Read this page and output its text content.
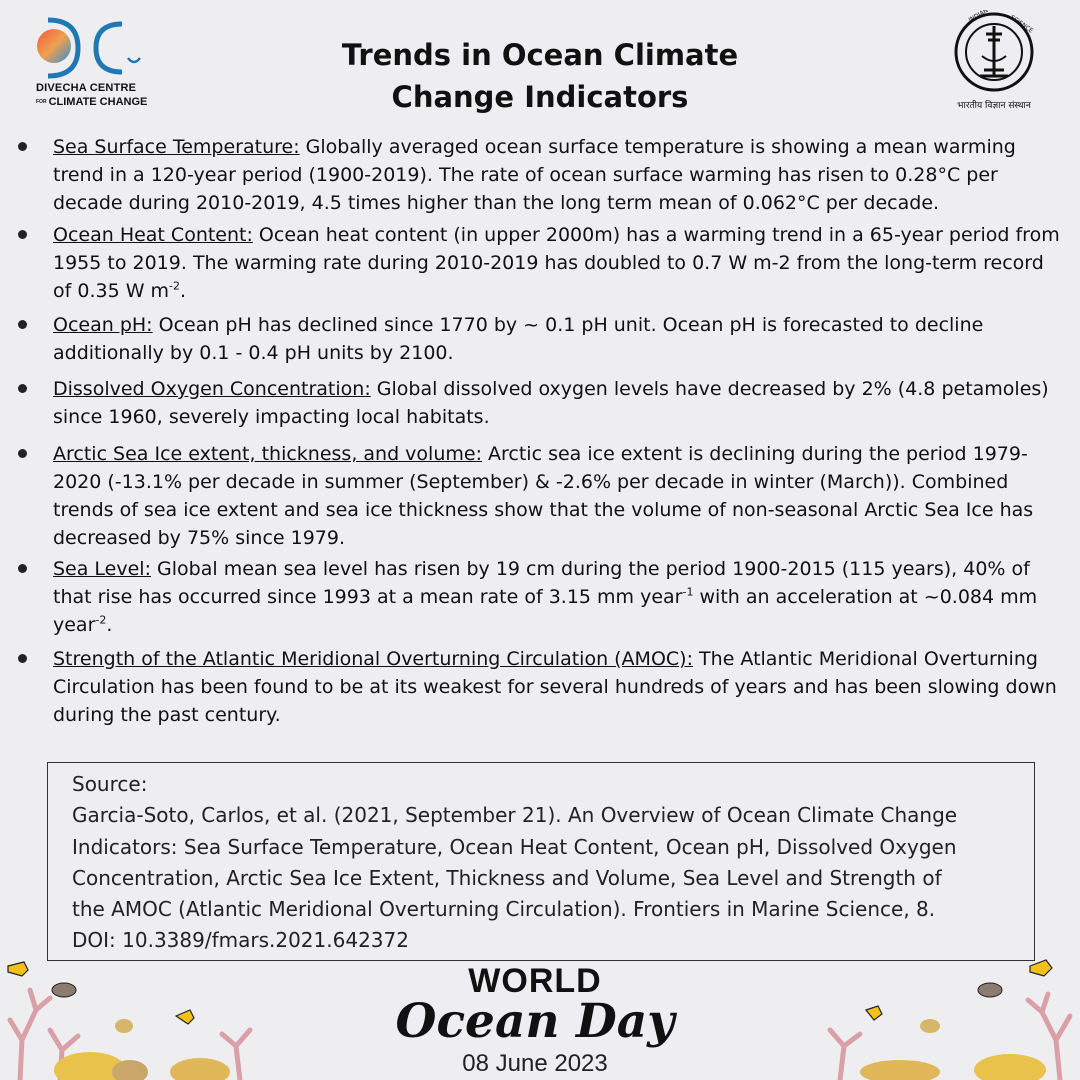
DIVECHA CENTRE
FOR CLIMATE CHANGE
Trends in Ocean Climate
Change Indicators
INDIAN	SCIENCE
भारतीय विज्ञान संस्थान
Sea Surface Temperature: Globally averaged ocean surface temperature is showing a mean warming trend in a 120-year period (1900-2019). The rate of ocean surface warming has risen to 0.28°C per decade during 2010-2019, 4.5 times higher than the long term mean of 0.062°C per decade.
Ocean Heat Content: Ocean heat content (in upper 2000m) has a warming trend in a 65-year period from 1955 to 2019. The warming rate during 2010-2019 has doubled to 0.7 W m-2 from the long-term record of 0.35 W $m^{-2}$.
Ocean pH: Ocean pH has declined since 1770 by ~ 0.1 pH unit. Ocean pH is forecasted to decline additionally by 0.1 - 0.4 pH units by 2100.
Dissolved Oxygen Concentration: Global dissolved oxygen levels have decreased by 2% (4.8 petamoles) since 1960, severely impacting local habitats.
Arctic Sea Ice extent, thickness, and volume: Arctic sea ice extent is declining during the period 1979-2020 (-13.1% per decade in summer (September) & -2.6% per decade in winter (March)). Combined trends of sea ice extent and sea ice thickness show that the volume of non-seasonal Arctic Sea Ice has decreased by 75% since 1979.
Sea Level: Global mean sea level has risen by 19 cm during the period 1900-2015 (115 years), 40% of that rise has occurred since 1993 at a mean rate of 3.15 mm year$^{-1}$ with an acceleration at ~0.084 mm year$^{-2}$.
Strength of the Atlantic Meridional Overturning Circulation (AMOC): The Atlantic Meridional Overturning Circulation has been found to be at its weakest for several hundreds of years and has been slowing down during the past century.
Source:
Garcia-Soto, Carlos, et al. (2021, September 21). An Overview of Ocean Climate Change Indicators: Sea Surface Temperature, Ocean Heat Content, Ocean pH, Dissolved Oxygen Concentration, Arctic Sea Ice Extent, Thickness and Volume, Sea Level and Strength of the AMOC (Atlantic Meridional Overturning Circulation). Frontiers in Marine Science, 8. DOI: 10.3389/fmars.2021.642372
WORLD
Ocean Day
08 June 2023
